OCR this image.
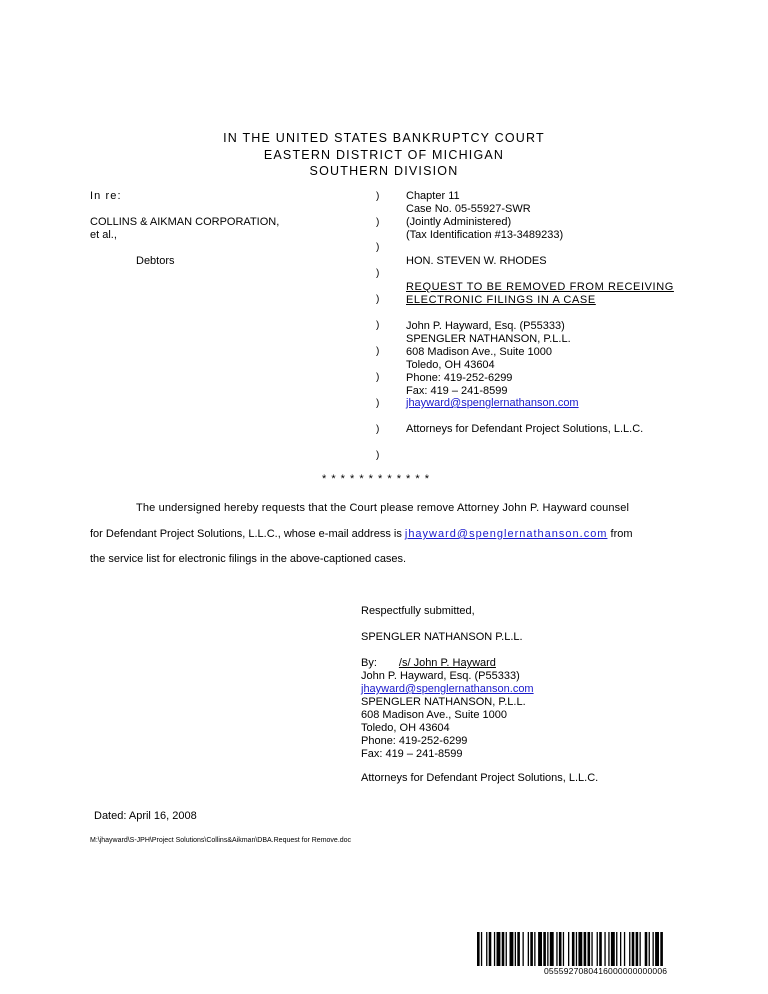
IN THE UNITED STATES BANKRUPTCY COURT
EASTERN DISTRICT OF MICHIGAN
SOUTHERN DIVISION
In re:
COLLINS & AIKMAN CORPORATION,
et al.,
Debtors
)
)
)
)
)
)
)
)
)
)
)
Chapter 11
Case No. 05-55927-SWR
(Jointly Administered)
(Tax Identification #13-3489233)
HON. STEVEN W. RHODES
REQUEST TO BE REMOVED FROM RECEIVING
ELECTRONIC FILINGS IN A CASE
John P. Hayward, Esq. (P55333)
SPENGLER NATHANSON, P.L.L.
608 Madison Ave., Suite 1000
Toledo, OH 43604
Phone: 419-252-6299
Fax: 419 – 241-8599
jhayward@spenglernathanson.com
Attorneys for Defendant Project Solutions, L.L.C.
* * * * * * * * * * * *
The undersigned hereby requests that the Court please remove Attorney John P. Hayward counsel
for Defendant Project Solutions, L.L.C., whose e-mail address is jhayward@spenglernathanson.com from
the service list for electronic filings in the above-captioned cases.
Respectfully submitted,
SPENGLER NATHANSON P.L.L.
By: /s/ John P. Hayward
John P. Hayward, Esq. (P55333)
jhayward@spenglernathanson.com
SPENGLER NATHANSON, P.L.L.
608 Madison Ave., Suite 1000
Toledo, OH 43604
Phone: 419-252-6299
Fax: 419 – 241-8599
Attorneys for Defendant Project Solutions, L.L.C.
Dated: April 16, 2008
M:\jhayward\S-JPH\Project Solutions\Collins&Aikman\DBA.Request for Remove.doc
0555927080416000000000006
